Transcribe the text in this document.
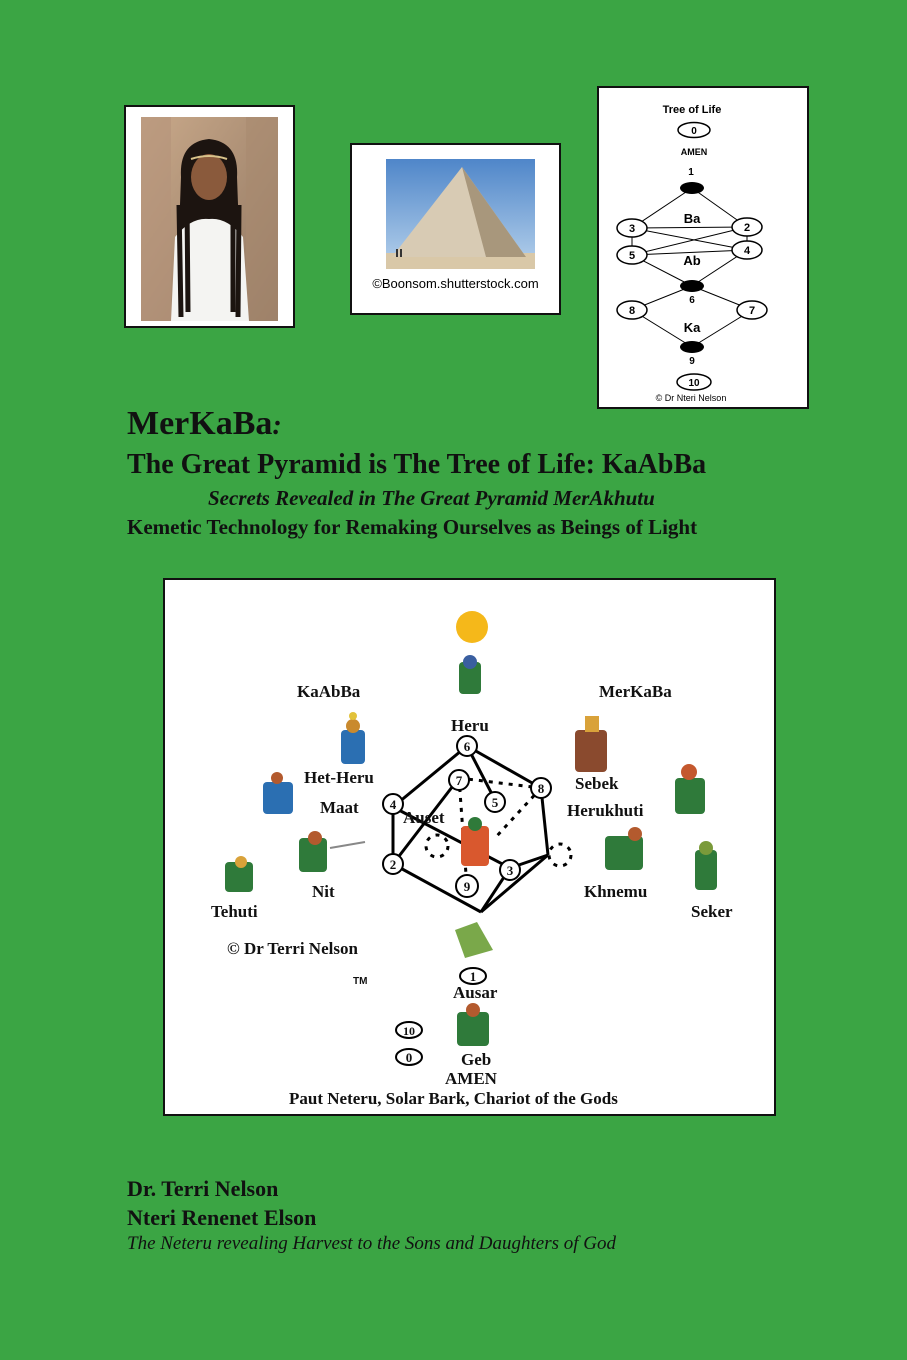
©Boonsom.shutterstock.com
Tree of Life
0
AMEN
1
Ba
Ab
Ka
3	2
5	4
6
8	7
9
10
© Dr Nteri Nelson
MerKaBa:
The Great Pyramid is The Tree of Life: KaAbBa
Secrets Revealed in The Great Pyramid MerAkhutu
Kemetic Technology for Remaking Ourselves as Beings of Light
6
7
5
8
4
2	3
9
1
10
0
KaAbBa	MerKaBa
Heru
Het-Heru
Maat
Auset
Sebek
Herukhuti
Nit	Khnemu
Tehuti	Seker
© Dr Terri Nelson
Ausar
Geb
AMEN
Paut Neteru, Solar Bark, Chariot of the Gods
TM
Dr. Terri Nelson
Nteri Renenet Elson
The Neteru revealing Harvest to the Sons and Daughters of God
